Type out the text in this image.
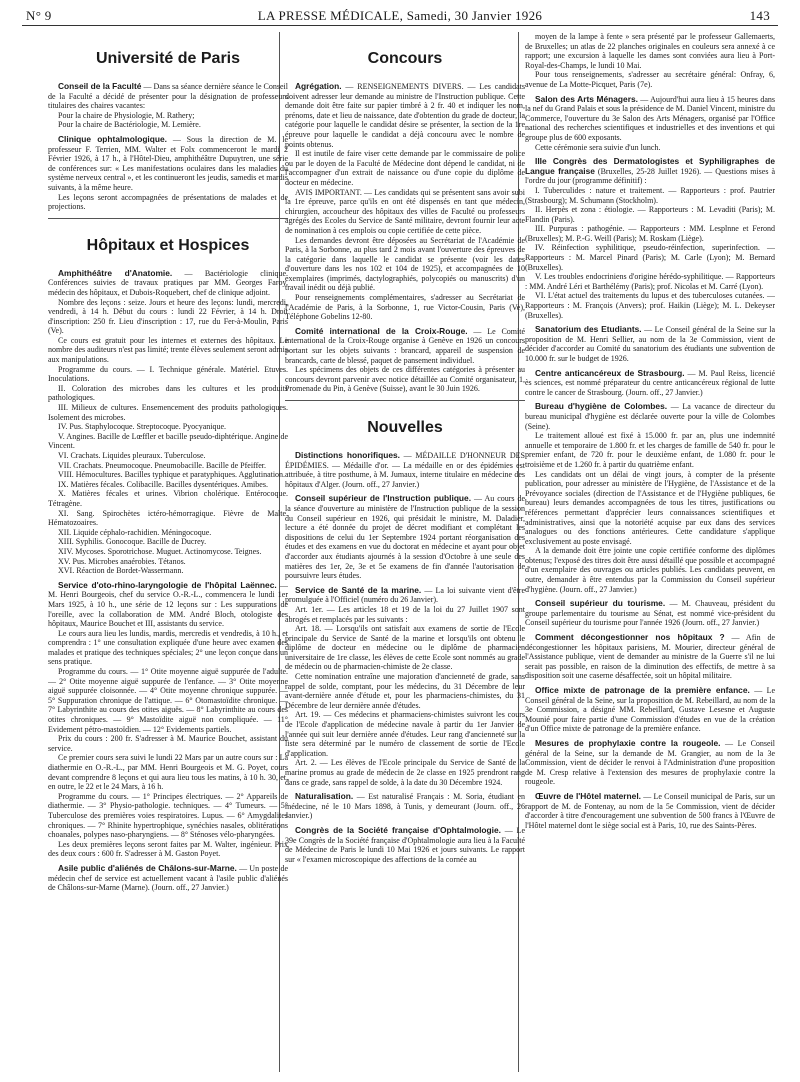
N° 9	LA PRESSE MÉDICALE, Samedi, 30 Janvier 1926	143
Université de Paris

Conseil de la Faculté — Dans sa séance dernière séance le Conseil de la Faculté a décidé de présenter pour la désignation de professeurs titulaires des chaires vacantes:

Pour la chaire de Physiologie, M. Rathery;

Pour la chaire de Bactériologie, M. Lemière.

Clinique ophtalmologique. — Sous la direction de M. le professeur F. Terrien, MM. Walter et Folx commenceront le mardi 2 Février 1926, à 17 h., à l'Hôtel-Dieu, amphithéâtre Dupuytren, une série de conférences sur: « Les manifestations oculaires dans les maladies du système nerveux central », et les continueront les jeudis, samedis et mardis suivants, à la même heure.

Les leçons seront accompagnées de présentations de malades et de projections.

Hôpitaux et Hospices

Amphithéâtre d'Anatomie. — Bactériologie clinique. Conférences suivies de travaux pratiques par MM. Georges Faroy, médecin des hôpitaux, et Dubois-Roquebert, chef de clinique adjoint.

Nombre des leçons : seize. Jours et heure des leçons: lundi, mercredi, vendredi, à 14 h. Début du cours : lundi 22 Février, à 14 h. Droit d'inscription: 250 fr. Lieu d'inscription : 17, rue du Fer-à-Moulin, Paris (Ve).

Ce cours est gratuit pour les internes et externes des hôpitaux. Le nombre des auditeurs n'est pas limité; trente élèves seulement seront admis aux manipulations.

Programme du cours. — I. Technique générale. Matériel. Etuves. Inoculations.

II. Coloration des microbes dans les cultures et les produits pathologiques.

III. Milieux de cultures. Ensemencement des produits pathologiques. Isolement des microbes.

IV. Pus. Staphylocoque. Streptocoque. Pyocyanique.

V. Angines. Bacille de Lœffler et bacille pseudo-diphtérique. Angine de Vincent.

VI. Crachats. Liquides pleuraux. Tuberculose.

VII. Crachats. Pneumocoque. Pneumobacille. Bacille de Pfeiffer.

VIII. Hémocultures. Bacilles typhique et paratyphiques. Agglutination.

IX. Matières fécales. Colibacille. Bacilles dysentériques. Amibes.

X. Matières fécales et urines. Vibrion cholérique. Entérocoque. Tétragène.

XI. Sang. Spirochètes ictéro-hémorragique. Fièvre de Malte. Hématozoaires.

XII. Liquide céphalo-rachidien. Méningocoque.

XIII. Syphilis. Gonocoque. Bacille de Ducrey.

XIV. Mycoses. Sporotrichose. Muguet. Actinomycose. Teignes.

XV. Pus. Microbes anaérobies. Tétanos.

XVI. Réaction de Bordet-Wassermann.

Service d'oto-rhino-laryngologie de l'hôpital Laënnec. — M. Henri Bourgeois, chef du service O.-R.-L., commencera le lundi 1er Mars 1925, à 10 h., une série de 12 leçons sur : Les suppurations de l'oreille, avec la collaboration de MM. André Bloch, otologiste des hôpitaux, Maurice Bouchet et III, assistants du service.

Le cours aura lieu les lundis, mardis, mercredis et vendredis, à 10 h., et comprendra : 1° une consultation expliquée d'une heure avec examen des malades et pratique des techniques spéciales; 2° une leçon conçue dans un sens pratique.

Programme du cours. — 1° Otite moyenne aiguë suppurée de l'adulte. — 2° Otite moyenne aiguë suppurée de l'enfance. — 3° Otite moyenne aiguë suppurée cloisonnée. — 4° Otite moyenne chronique suppurée. — 5° Suppuration chronique de l'attique. — 6° Otomastoïdite chronique. — 7° Labyrinthite au cours des otites aiguës. — 8° Labyrinthite au cours des otites chroniques. — 9° Mastoïdite aiguë non compliquée. — 11° Evidement pétro-mastoïdien. — 12° Evidements partiels.

Prix du cours : 200 fr. S'adresser à M. Maurice Bouchet, assistant du service.

Ce premier cours sera suivi le lundi 22 Mars par un autre cours sur : La diathermie en O.-R.-L., par MM. Henri Bourgeois et M. G. Poyet, cours devant comprendre 8 leçons et qui aura lieu tous les matins, à 10 h. 30, et, en outre, le 22 et le 24 Mars, à 16 h.

Programme du cours. — 1° Principes électriques. — 2° Appareils de diathermie. — 3° Physio-pathologie. techniques. — 4° Tumeurs. — 5° Tuberculose des premières voies respiratoires. Lupus. — 6° Amygdalites chroniques. — 7° Rhinite hypertrophique, synéchies nasales, oblitérations choanales, polypes naso-pharyngiens. — 8° Sténoses vélo-pharyngées.

Les deux premières leçons seront faites par M. Walter, ingénieur. Prix des deux cours : 600 fr. S'adresser à M. Gaston Poyet.

Asile public d'aliénés de Châlons-sur-Marne. — Un poste de médecin chef de service est actuellement vacant à l'asile public d'aliénés de Châlons-sur-Marne (Marne). (Journ. off., 27 Janvier.)

Concours

Agrégation. — RENSEIGNEMENTS DIVERS. — Les candidats doivent adresser leur demande au ministre de l'Instruction publique. Cette demande doit être faite sur papier timbré à 2 fr. 40 et indiquer les nom, prénoms, date et lieu de naissance, date d'obtention du grade de docteur, la catégorie pour laquelle le candidat désire se présenter, la section de la 1re épreuve pour laquelle le candidat a déjà concouru avec le nombre de points obtenus.

Il est inutile de faire viser cette demande par le commissaire de police ou par le doyen de la Faculté de Médecine dont dépend le candidat, ni de l'accompagner d'un extrait de naissance ou d'une copie du diplôme de docteur en médecine.

AVIS IMPORTANT. — Les candidats qui se présentent sans avoir subi la 1re épreuve, parce qu'ils en ont été dispensés en tant que médecin, chirurgien, accoucheur des hôpitaux des villes de Faculté ou professeurs agrégés des Ecoles du Service de Santé militaire, devront fournir leur acte de nomination à ces emplois ou copie certifiée de cette pièce.

Les demandes devront être déposées au Secrétariat de l'Académie de Paris, à la Sorbonne, au plus tard 2 mois avant l'ouverture des épreuves de la catégorie dans laquelle le candidat se présente (voir les dates d'ouverture dans les nos 102 et 104 de 1925), et accompagnées de 10 exemplaires (imprimés, dactylographiés, polycopiés ou manuscrits) d'un travail inédit ou déjà publié.

Pour renseignements complémentaires, s'adresser au Secrétariat de l'Académie de Paris, à la Sorbonne, 1, rue Victor-Cousin, Paris (Ve), Téléphone Gobelins 12-80.

Comité international de la Croix-Rouge. — Le Comité international de la Croix-Rouge organise à Genève en 1926 un concours portant sur les objets suivants : brancard, appareil de suspension de brancards, carte de blessé, paquet de pansement individuel.

Les spécimens des objets de ces différentes catégories à présenter au concours devront parvenir avec notice détaillée au Comité organisateur, 1, Promenade du Pin, à Genève (Suisse), avant le 30 Juin 1926.

Nouvelles

Distinctions honorifiques. — MÉDAILLE D'HONNEUR DES ÉPIDÉMIES. — Médaille d'or. — La médaille en or des épidémies est attribuée, à titre posthume, à M. Jumaux, interne titulaire en médecine des hôpitaux d'Alger. (Journ. off., 27 Janvier.)

Conseil supérieur de l'Instruction publique. — Au cours de la séance d'ouverture au ministère de l'Instruction publique de la session du Conseil supérieur en 1926, qui présidait le ministre, M. Daladier, lecture a été donnée du projet de décret modifiant et complétant les dispositions de celui du 1er Septembre 1924 portant réorganisation des études et des examens en vue du doctorat en médecine et ayant pour objet d'accorder aux étudiants ajournés à la session d'Octobre à une seule des matières des 1er, 2e, 3e et 5e examens de fin d'année l'autorisation de poursuivre leurs études.

Service de Santé de la marine. — La loi suivante vient d'être promulguée à l'Officiel (numéro du 26 Janvier).

Art. 1er. — Les articles 18 et 19 de la loi du 27 Juillet 1907 sont abrogés et remplacés par les suivants :

Art. 18. — Lorsqu'ils ont satisfait aux examens de sortie de l'Ecole principale du Service de Santé de la marine et lorsqu'ils ont obtenu le diplôme de docteur en médecine ou le diplôme de pharmacien universitaire de 1re classe, les élèves de cette Ecole sont nommés au grade de médecin ou de pharmacien-chimiste de 2e classe.

Cette nomination entraîne une majoration d'ancienneté de grade, sans rappel de solde, comptant, pour les médecins, du 31 Décembre de leur avant-dernière année d'étude et, pour les pharmaciens-chimistes, du 31 Décembre de leur dernière année d'études.

Art. 19. — Ces médecins et pharmaciens-chimistes suivront les cours de l'Ecole d'application de médecine navale à partir du 1er Janvier de l'année qui suit leur dernière année d'études. Leur rang d'ancienneté sur la liste sera déterminé par le numéro de classement de sortie de l'Ecole d'application.

Art. 2. — Les élèves de l'Ecole principale du Service de Santé de la marine promus au grade de médecin de 2e classe en 1925 prendront rang dans ce grade, sans rappel de solde, à la date du 30 Décembre 1924.

Naturalisation. — Est naturalisé Français : M. Soria, étudiant en médecine, né le 10 Mars 1898, à Tunis, y demeurant (Journ. off., 26 Janvier.)

Congrès de la Société française d'Ophtalmologie. — Le 39e Congrès de la Société française d'Ophtalmologie aura lieu à la Faculté de Médecine de Paris le lundi 10 Mai 1926 et jours suivants. Le rapport sur « l'examen microscopique des affections de la cornée au

moyen de la lampe à fente » sera présenté par le professeur Gallemaerts, de Bruxelles; un atlas de 22 planches originales en couleurs sera annexé à ce rapport; une excursion à laquelle les dames sont conviées aura lieu à Port-Royal-des-Champs, le lundi 10 Mai.

Pour tous renseignements, s'adresser au secrétaire général: Onfray, 6, avenue de La Motte-Picquet, Paris (7e).

Salon des Arts Ménagers. — Aujourd'hui aura lieu à 15 heures dans la nef du Grand Palais et sous la présidence de M. Daniel Vincent, ministre du Commerce, l'ouverture du 3e Salon des Arts Ménagers, organisé par l'Office national des recherches scientifiques et industrielles et des inventions et qui groupe plus de 600 exposants.

Cette cérémonie sera suivie d'un lunch.

IIIe Congrès des Dermatologistes et Syphiligraphes de Langue française (Bruxelles, 25-28 Juillet 1926). — Questions mises à l'ordre du jour (programme définitif) :

I. Tuberculides : nature et traitement. — Rapporteurs : prof. Pautrier (Strasbourg); M. Schumann (Stockholm).

II. Herpès et zona : étiologie. — Rapporteurs : M. Levaditi (Paris); M. Flandin (Paris).

III. Purpuras : pathogénie. — Rapporteurs : MM. Lesplnne et Ferond (Bruxelles); M. P.-G. Weill (Paris); M. Roskam (Liège).

IV. Réinfection syphilitique, pseudo-réinfection, superinfection. — Rapporteurs : M. Marcel Pinard (Paris); M. Carle (Lyon); M. Bernard (Bruxelles).

V. Les troubles endocriniens d'origine hérédo-syphilitique. — Rapporteurs : MM. André Léri et Barthélémy (Paris); prof. Nicolas et M. Carré (Lyon).

VI. L'état actuel des traitements du lupus et des tuberculoses cutanées. — Rapporteurs : M. François (Anvers); prof. Haikin (Liège); M. L. Dekeyser (Bruxelles).

Sanatorium des Etudiants. — Le Conseil général de la Seine sur la proposition de M. Henri Sellier, au nom de la 3e Commission, vient de décider d'accorder au Comité du sanatorium des étudiants une subvention de 10.000 fr. sur le budget de 1926.

Centre anticancéreux de Strasbourg. — M. Paul Reiss, licencié ès sciences, est nommé préparateur du centre anticancéreux régional de lutte contre le cancer de Strasbourg. (Journ. off., 27 Janvier.)

Bureau d'hygiène de Colombes. — La vacance de directeur du bureau municipal d'hygiène est déclarée ouverte pour la ville de Colombes (Seine).

Le traitement alloué est fixé à 15.000 fr. par an, plus une indemnité annuelle et temporaire de 1.800 fr. et les charges de famille de 540 fr. pour le premier enfant, de 720 fr. pour le deuxième enfant, de 1.080 fr. pour le troisième et de 1.260 fr. à partir du quatrième enfant.

Les candidats ont un délai de vingt jours, à compter de la présente publication, pour adresser au ministère de l'Hygiène, de l'Assistance et de la Prévoyance sociales (direction de l'Assistance et de l'Hygiène publiques, 6e bureau) leurs demandes accompagnées de tous les titres, justifications ou références permettant d'apprécier leurs connaissances scientifiques et administratives, ainsi que la notoriété acquise par eux dans des services analogues ou des fonctions antérieures. Cette candidature s'applique exclusivement au poste envisagé.

A la demande doit être jointe une copie certifiée conforme des diplômes obtenus; l'exposé des titres doit être aussi détaillé que possible et accompagné d'un exemplaire des ouvrages ou articles publiés. Les candidats peuvent, en outre, demander à être entendus par la Commission du Conseil supérieur d'hygiène. (Journ. off., 27 Janvier.)

Conseil supérieur du tourisme. — M. Chauveau, président du groupe parlementaire du tourisme au Sénat, est nommé vice-président du Conseil supérieur du tourisme pour l'année 1926 (Journ. off., 27 Janvier.)

Comment décongestionner nos hôpitaux ? — Afin de décongestionner les hôpitaux parisiens, M. Mourier, directeur général de l'Assistance publique, vient de demander au ministre de la Guerre s'il ne lui serait pas possible, en raison de la diminution des effectifs, de mettre à sa disposition soit une caserne désaffectée, soit un hôpital militaire.

Office mixte de patronage de la première enfance. — Le Conseil général de la Seine, sur la proposition de M. Rebeillard, au nom de la 3e Commission, a désigné MM. Rebeillard, Gustave Lesesne et Auguste Mounié pour faire partie d'une Commission d'études en vue de la création d'un Office mixte de patronage de la première enfance.

Mesures de prophylaxie contre la rougeole. — Le Conseil général de la Seine, sur la demande de M. Grangier, au nom de la 3e Commission, vient de décider le renvoi à l'Administration d'une proposition de M. Cresp relative à l'extension des mesures de prophylaxie contre la rougeole.

Œuvre de l'Hôtel maternel. — Le Conseil municipal de Paris, sur un rapport de M. de Fontenay, au nom de la 5e Commission, vient de décider d'accorder à titre d'encouragement une subvention de 500 francs à l'Œuvre de l'Hôtel maternel dont le siège social est à Paris, 10, rue des Saints-Pères.
